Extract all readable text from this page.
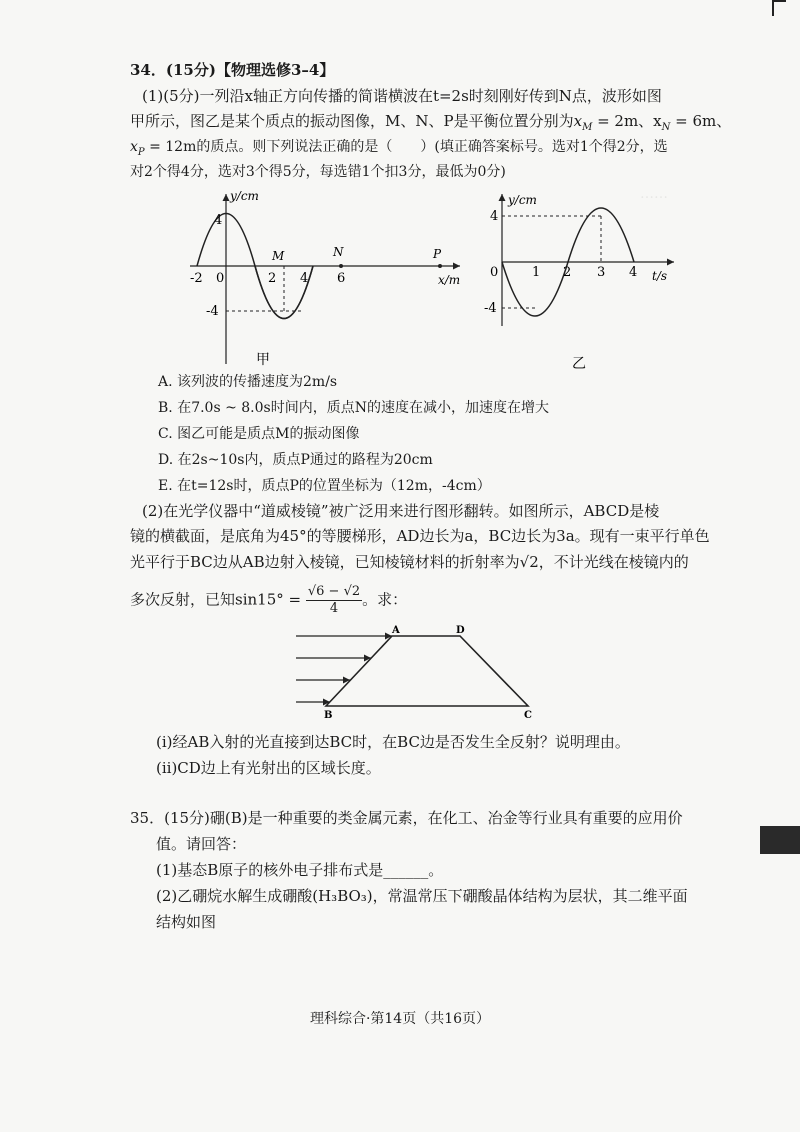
……
34．(15分)【物理选修3–4】
(1)(5分)一列沿x轴正方向传播的简谐横波在t=2s时刻刚好传到N点，波形如图
甲所示，图乙是某个质点的振动图像，M、N、P是平衡位置分别为$x_M = 2m$、$x_N = 6m$、
$x_P = 12m$的质点。则下列说法正确的是（　　）(填正确答案标号。选对1个得2分，选
对2个得4分，选对3个得5分，每选错1个扣3分，最低为0分)
y/cm
x/m
4
-4
-2 0	2 4 6
M	N	P
甲
y/cm
t/s
4
-4
0	1 2 3 4
乙
A. 该列波的传播速度为2m/s
B. 在7.0s ~ 8.0s时间内，质点N的速度在减小，加速度在增大
C. 图乙可能是质点M的振动图像
D. 在2s~10s内，质点P通过的路程为20cm
E. 在t=12s时，质点P的位置坐标为（12m，-4cm）
(2)在光学仪器中“道威棱镜”被广泛用来进行图形翻转。如图所示，ABCD是棱
镜的横截面，是底角为45°的等腰梯形，AD边长为a，BC边长为3a。现有一束平行单色
光平行于BC边从AB边射入棱镜，已知棱镜材料的折射率为√2，不计光线在棱镜内的
多次反射，已知$\sin 15^\circ = \frac{√6 - √2}{4}$ 。求：
A	D
B	C
(ⅰ)经AB入射的光直接到达BC时，在BC边是否发生全反射？说明理由。
(ⅱ)CD边上有光射出的区域长度。
35．(15分)硼(B)是一种重要的类金属元素，在化工、冶金等行业具有重要的应用价
值。请回答：
(1)基态B原子的核外电子排布式是______。
(2)乙硼烷水解生成硼酸(H₃BO₃)，常温常压下硼酸晶体结构为层状，其二维平面
结构如图
理科综合·第14页（共16页）
